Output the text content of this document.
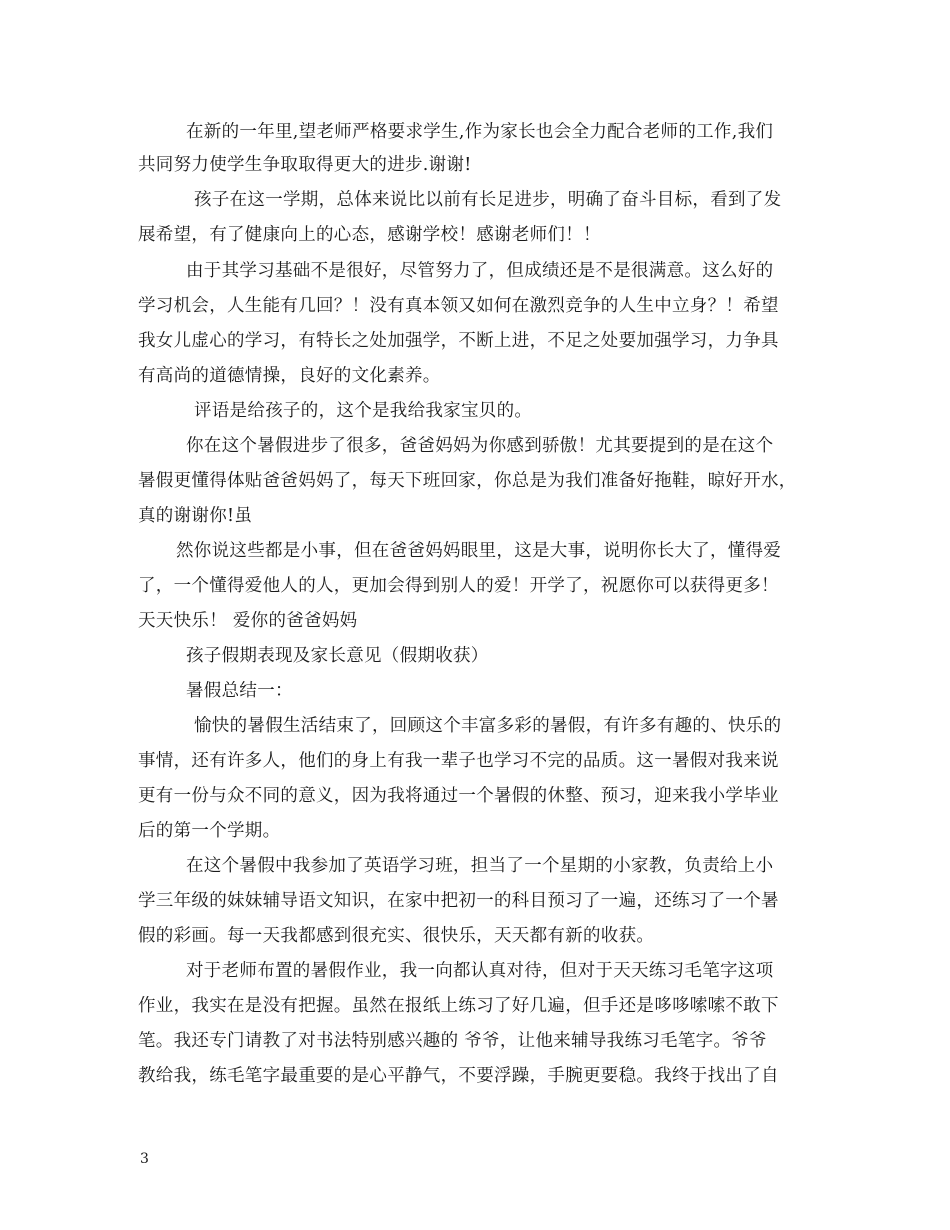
在新的一年里,望老师严格要求学生,作为家长也会全力配合老师的工作,我们
共同努力使学生争取取得更大的进步.谢谢!
孩子在这一学期，总体来说比以前有长足进步，明确了奋斗目标，看到了发
展希望，有了健康向上的心态，感谢学校！感谢老师们！！
由于其学习基础不是很好，尽管努力了，但成绩还是不是很满意。这么好的
学习机会，人生能有几回？！没有真本领又如何在激烈竞争的人生中立身？！希望
我女儿虚心的学习，有特长之处加强学，不断上进，不足之处要加强学习，力争具
有高尚的道德情操，良好的文化素养。
评语是给孩子的，这个是我给我家宝贝的。
你在这个暑假进步了很多，爸爸妈妈为你感到骄傲！尤其要提到的是在这个
暑假更懂得体贴爸爸妈妈了，每天下班回家，你总是为我们准备好拖鞋，晾好开水，
真的谢谢你!虽
然你说这些都是小事，但在爸爸妈妈眼里，这是大事，说明你长大了，懂得爱
了，一个懂得爱他人的人，更加会得到别人的爱！开学了，祝愿你可以获得更多！
天天快乐！ 爱你的爸爸妈妈
孩子假期表现及家长意见（假期收获）
暑假总结一：
愉快的暑假生活结束了，回顾这个丰富多彩的暑假，有许多有趣的、快乐的
事情，还有许多人，他们的身上有我一辈子也学习不完的品质。这一暑假对我来说
更有一份与众不同的意义，因为我将通过一个暑假的休整、预习，迎来我小学毕业
后的第一个学期。
在这个暑假中我参加了英语学习班，担当了一个星期的小家教，负责给上小
学三年级的妹妹辅导语文知识，在家中把初一的科目预习了一遍，还练习了一个暑
假的彩画。每一天我都感到很充实、很快乐，天天都有新的收获。
对于老师布置的暑假作业，我一向都认真对待，但对于天天练习毛笔字这项
作业，我实在是没有把握。虽然在报纸上练习了好几遍，但手还是哆哆嗦嗦不敢下
笔。我还专门请教了对书法特别感兴趣的 爷爷，让他来辅导我练习毛笔字。爷爷
教给我，练毛笔字最重要的是心平静气，不要浮躁，手腕更要稳。我终于找出了自
3
